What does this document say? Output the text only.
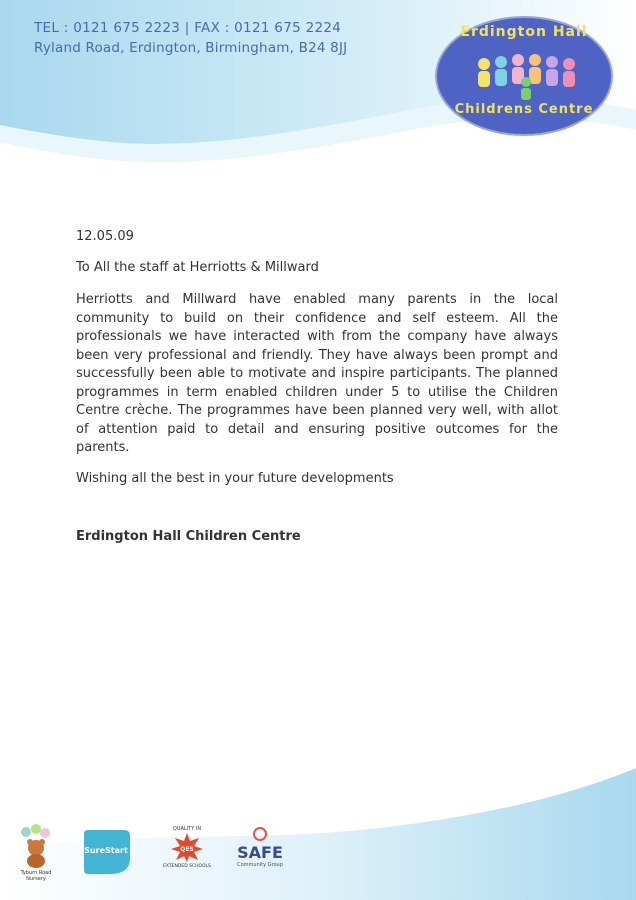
TEL : 0121 675 2223 | FAX : 0121 675 2224
Ryland Road, Erdington, Birmingham, B24 8JJ
Erdington Hall
Childrens Centre

12.05.09

To All the staff at Herriotts & Millward

Herriotts and Millward have enabled many parents in the local community to build on their confidence and self esteem. All the professionals we have interacted with from the company have always been very professional and friendly. They have always been prompt and successfully been able to motivate and inspire participants. The planned programmes in term enabled children under 5 to utilise the Children Centre crèche. The programmes have been planned very well, with allot of attention paid to detail and ensuring positive outcomes for the parents.

Wishing all the best in your future developments

Erdington Hall Children Centre

Tyburn Road Nursery
SureStart
QUALITY IN
QES
EXTENDED SCHOOLS
SAFE
Community Group
